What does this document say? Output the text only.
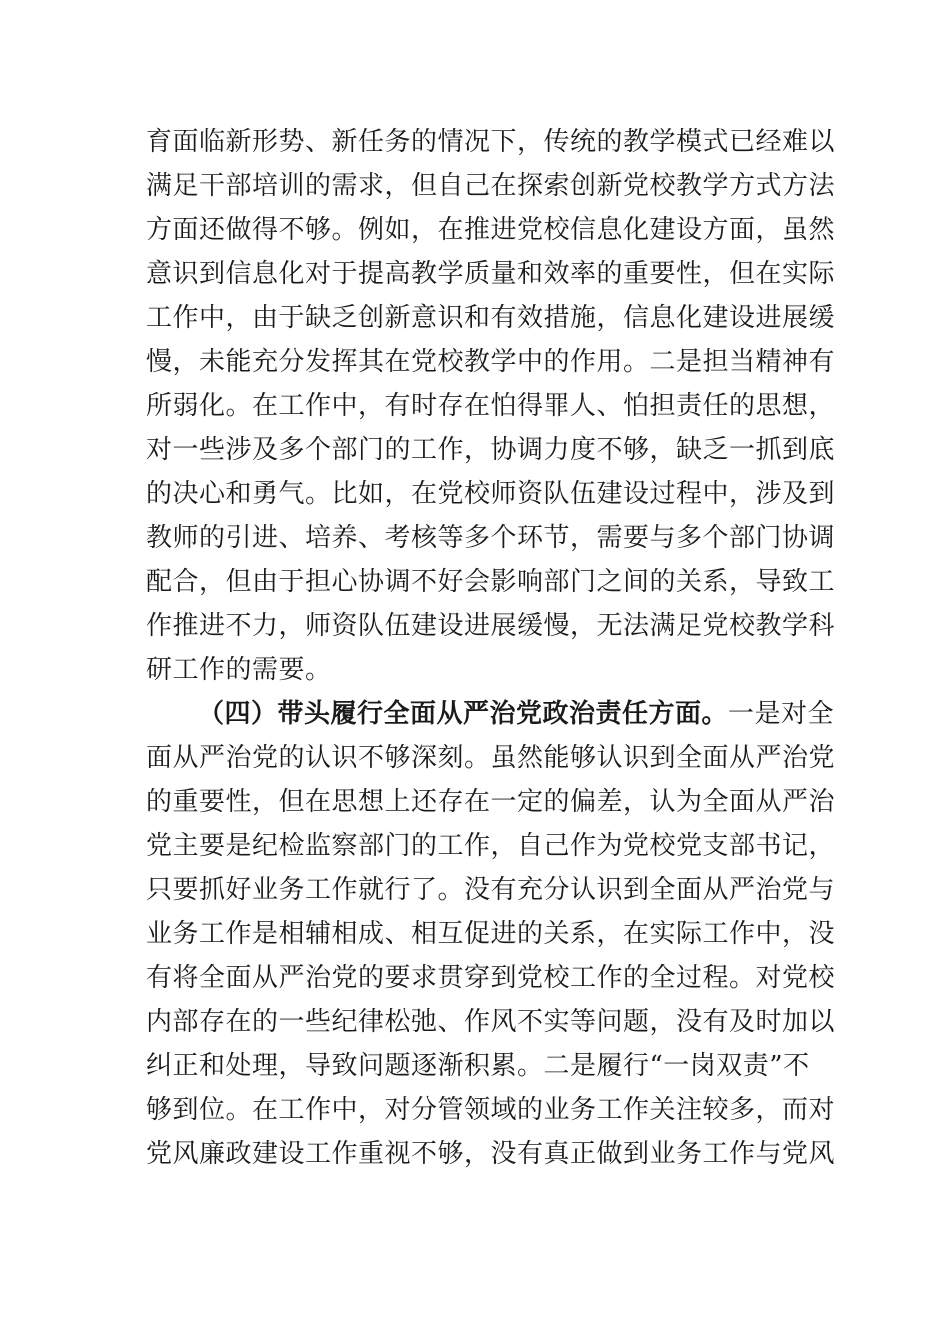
育面临新形势、新任务的情况下，传统的教学模式已经难以
满足干部培训的需求，但自己在探索创新党校教学方式方法
方面还做得不够。例如，在推进党校信息化建设方面，虽然
意识到信息化对于提高教学质量和效率的重要性，但在实际
工作中，由于缺乏创新意识和有效措施，信息化建设进展缓
慢，未能充分发挥其在党校教学中的作用。二是担当精神有
所弱化。在工作中，有时存在怕得罪人、怕担责任的思想，
对一些涉及多个部门的工作，协调力度不够，缺乏一抓到底
的决心和勇气。比如，在党校师资队伍建设过程中，涉及到
教师的引进、培养、考核等多个环节，需要与多个部门协调
配合，但由于担心协调不好会影响部门之间的关系，导致工
作推进不力，师资队伍建设进展缓慢，无法满足党校教学科
研工作的需要。
（四）带头履行全面从严治党政治责任方面。一是对全
面从严治党的认识不够深刻。虽然能够认识到全面从严治党
的重要性，但在思想上还存在一定的偏差，认为全面从严治
党主要是纪检监察部门的工作，自己作为党校党支部书记，
只要抓好业务工作就行了。没有充分认识到全面从严治党与
业务工作是相辅相成、相互促进的关系，在实际工作中，没
有将全面从严治党的要求贯穿到党校工作的全过程。对党校
内部存在的一些纪律松弛、作风不实等问题，没有及时加以
纠正和处理，导致问题逐渐积累。二是履行“一岗双责”不
够到位。在工作中，对分管领域的业务工作关注较多，而对
党风廉政建设工作重视不够，没有真正做到业务工作与党风
